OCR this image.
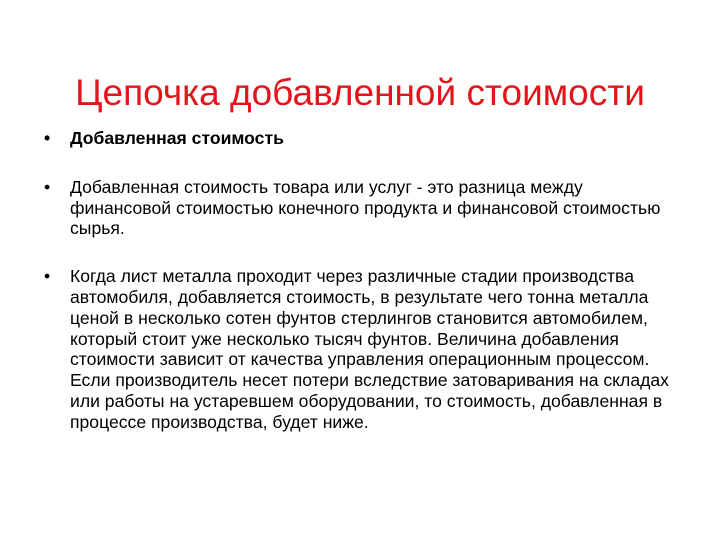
Цепочка добавленной стоимости
•	Добавленная стоимость
•	Добавленная стоимость товара или услуг - это разница между финансовой стоимостью конечного продукта и финансовой стоимостью сырья.
•	Когда лист металла проходит через различные стадии производства автомобиля, добавляется стоимость, в результате чего тонна металла ценой в несколько сотен фунтов стерлингов становится автомобилем, который стоит уже несколько тысяч фунтов. Величина добавления стоимости зависит от качества управления операционным процессом. Если производитель несет потери вследствие затоваривания на складах или работы на устаревшем оборудовании, то стоимость, добавленная в процессе производства, будет ниже.
